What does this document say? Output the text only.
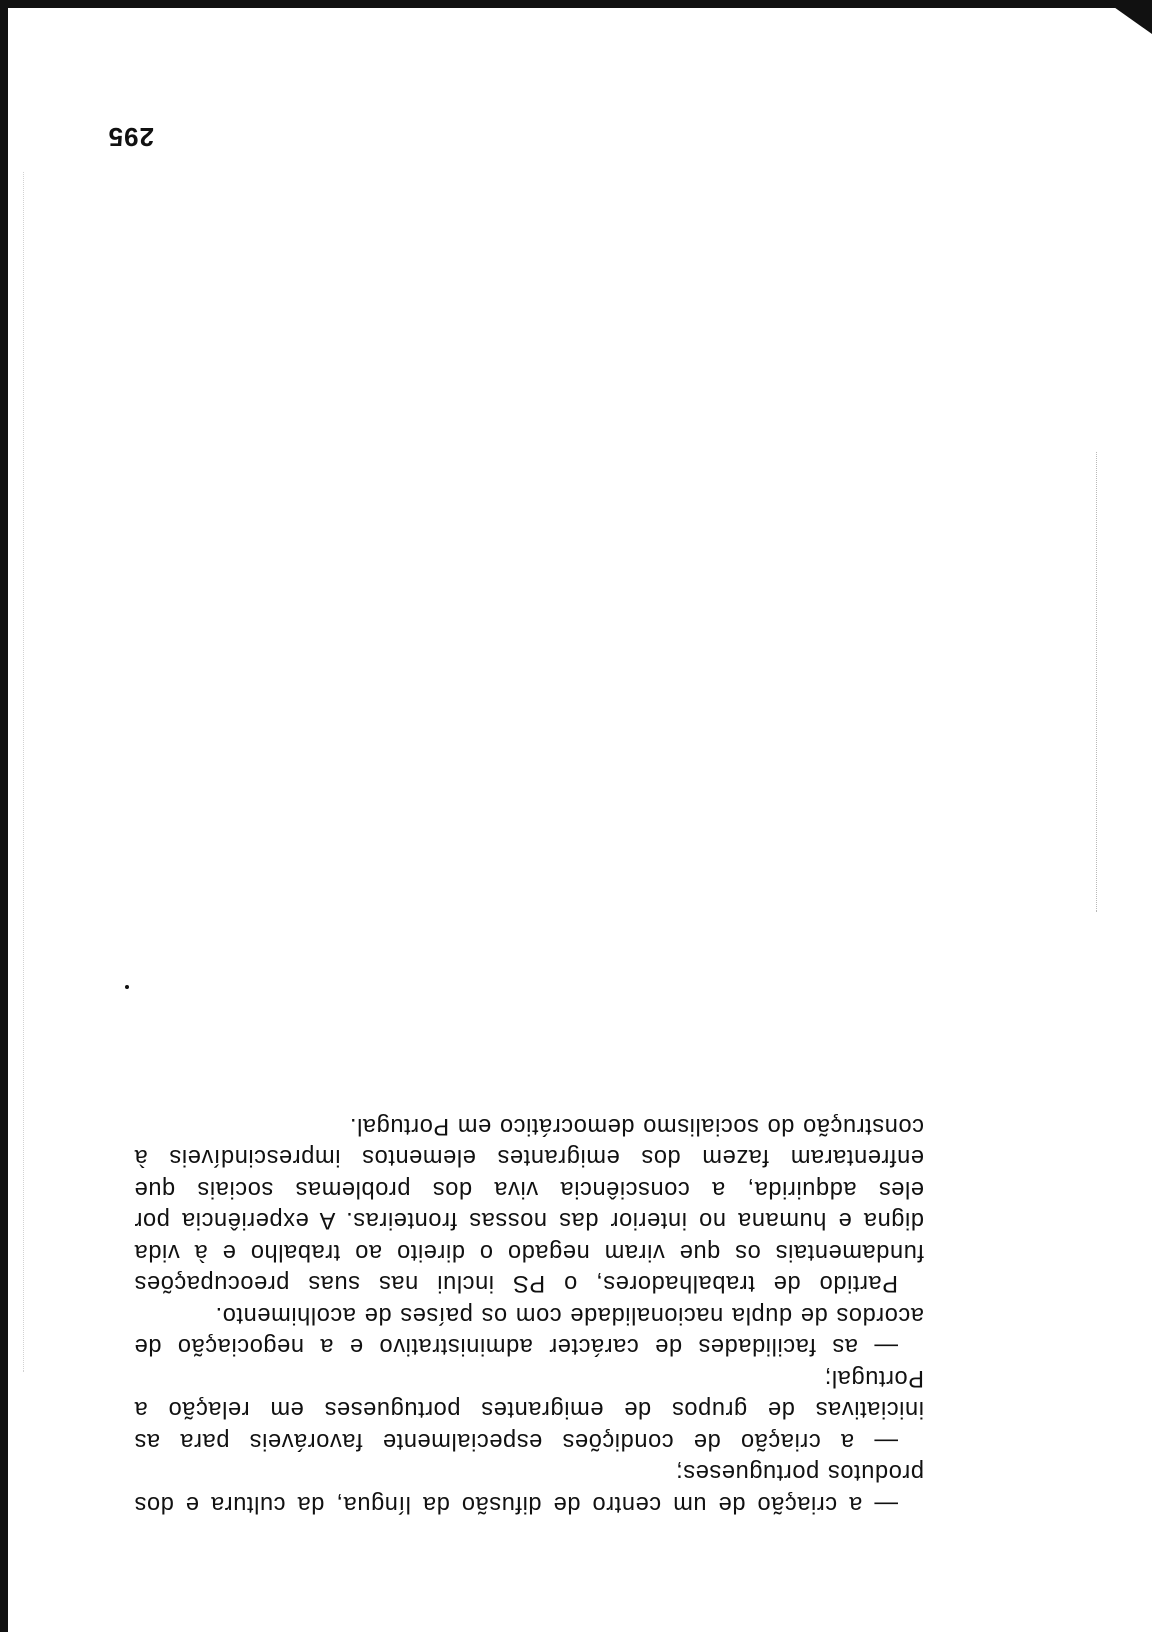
— a criação de um centro de difusão da língua, da cultura e dos produtos portugueses;

— a criação de condições especialmente favoráveis para as iniciativas de grupos de emigrantes portugueses em relação a Portugal;

— as facilidades de carácter administrativo e a negociação de acordos de dupla nacionalidade com os países de acolhimento.

Partido de trabalhadores, o PS inclui nas suas preocupações fundamentais os que viram negado o direito ao trabalho e à vida digna e humana no interior das nossas fronteiras. A experiência por eles adquirida, a consciência viva dos problemas sociais que enfrentaram fazem dos emigrantes elementos imprescindíveis à construção do socialismo democrático em Portugal.

295
